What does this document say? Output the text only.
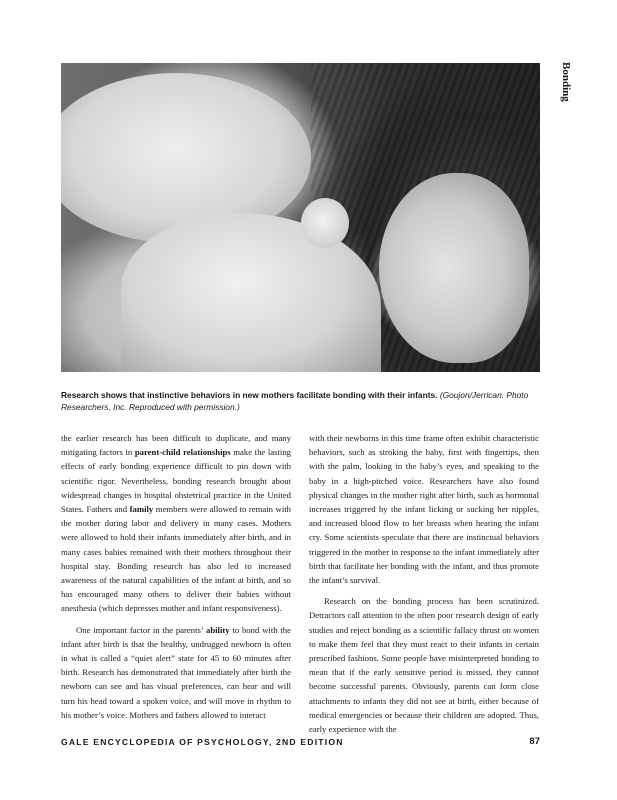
Bonding
Research shows that instinctive behaviors in new mothers facilitate bonding with their infants. (Goujon/Jerrican. Photo Researchers, Inc. Reproduced with permission.)

the earlier research has been difficult to duplicate, and many mitigating factors in parent-child relationships make the lasting effects of early bonding experience difficult to pin down with scientific rigor. Nevertheless, bonding research brought about widespread changes in hospital obstetrical practice in the United States. Fathers and family members were allowed to remain with the mother during labor and delivery in many cases. Mothers were allowed to hold their infants immediately after birth, and in many cases babies remained with their mothers throughout their hospital stay. Bonding research has also led to increased awareness of the natural capabilities of the infant at birth, and so has encouraged many others to deliver their babies without anesthesia (which depresses mother and infant responsiveness).

One important factor in the parents’ ability to bond with the infant after birth is that the healthy, undrugged newborn is often in what is called a “quiet alert” state for 45 to 60 minutes after birth. Research has demonstrated that immediately after birth the newborn can see and has visual preferences, can hear and will turn his head toward a spoken voice, and will move in rhythm to his mother’s voice. Mothers and fathers allowed to interact

with their newborns in this time frame often exhibit characteristic behaviors, such as stroking the baby, first with fingertips, then with the palm, looking in the baby’s eyes, and speaking to the baby in a high-pitched voice. Researchers have also found physical changes in the mother right after birth, such as hormonal increases triggered by the infant licking or sucking her nipples, and increased blood flow to her breasts when hearing the infant cry. Some scientists speculate that there are instinctual behaviors triggered in the mother in response to the infant immediately after birth that facilitate her bonding with the infant, and thus promote the infant’s survival.

Research on the bonding process has been scrutinized. Detractors call attention to the often poor research design of early studies and reject bonding as a scientific fallacy thrust on women to make them feel that they must react to their infants in certain prescribed fashions. Some people have misinterpreted bonding to mean that if the early sensitive period is missed, they cannot become successful parents. Obviously, parents can form close attachments to infants they did not see at birth, either because of medical emergencies or because their children are adopted. Thus, early experience with the

GALE ENCYCLOPEDIA OF PSYCHOLOGY, 2ND EDITION	87
